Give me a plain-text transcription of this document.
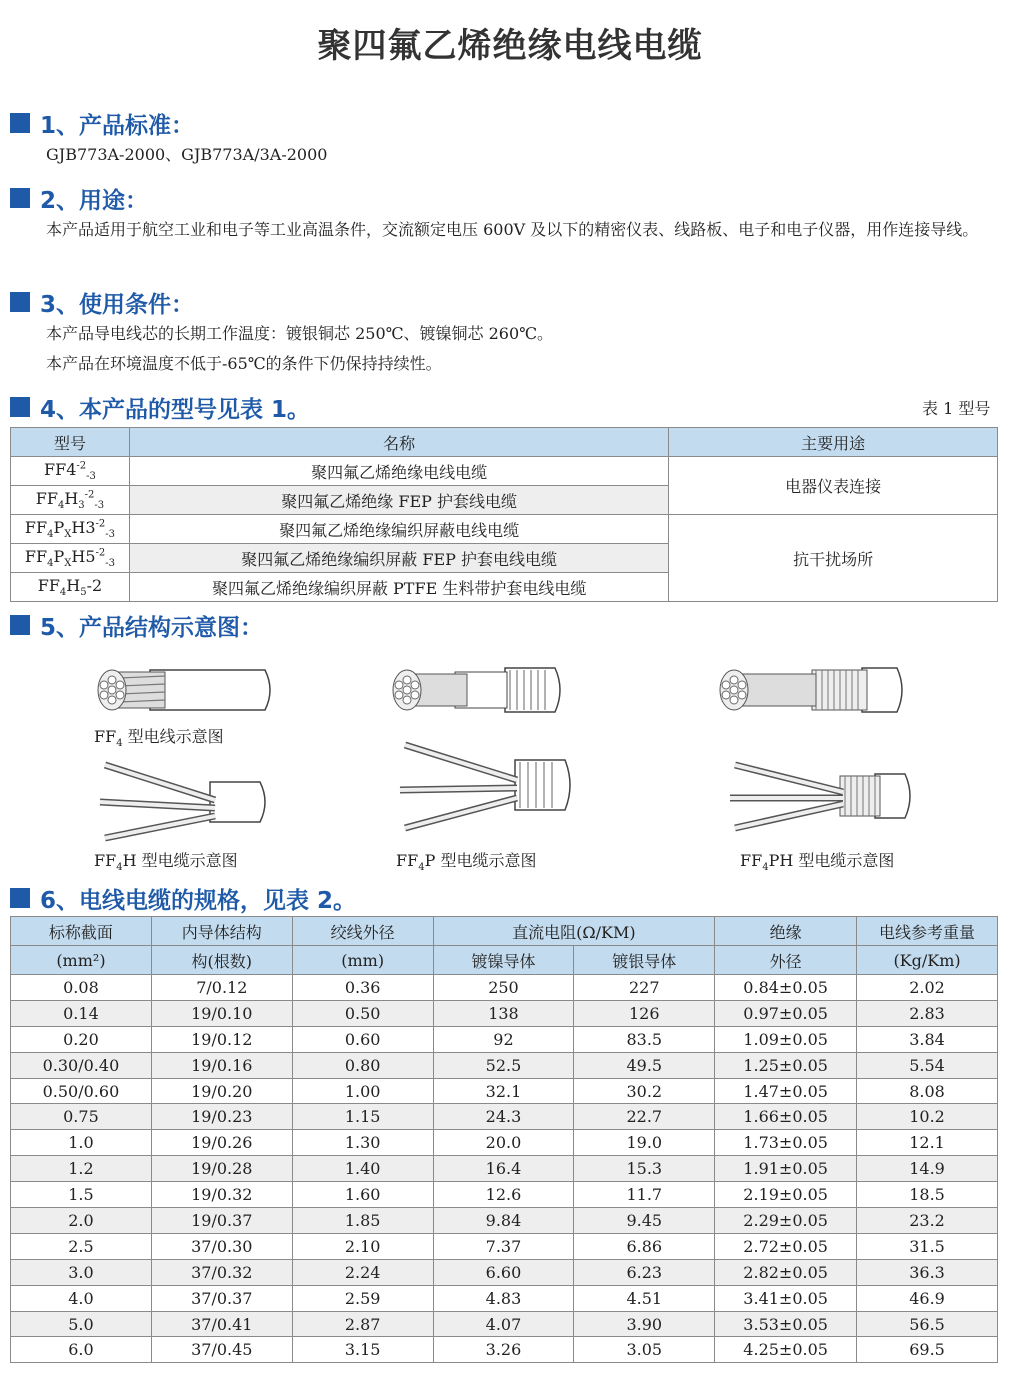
聚四氟乙烯绝缘电线电缆
1、产品标准：
GJB773A-2000、GJB773A/3A-2000
2、用途：
本产品适用于航空工业和电子等工业高温条件，交流额定电压 600V 及以下的精密仪表、线路板、电子和电子仪器，用作连接导线。
3、使用条件：
本产品导电线芯的长期工作温度：镀银铜芯 250℃、镀镍铜芯 260℃。
本产品在环境温度不低于-65℃的条件下仍保持持续性。
4、本产品的型号见表 1。	表 1 型号
型号	名称	主要用途
$FF4^{-2}_{-3}$	聚四氟乙烯绝缘电线电缆	电器仪表连接
$FF_4H_3^{-2}_{-3}$	聚四氟乙烯绝缘 FEP 护套线电缆	
$FF_4P_XH3^{-2}_{-3}$	聚四氟乙烯绝缘编织屏蔽电线电缆	抗干扰场所
$FF_4P_XH5^{-2}_{-3}$	聚四氟乙烯绝缘编织屏蔽 FEP 护套电线电缆	
$FF_4H_5-2$	聚四氟乙烯绝缘编织屏蔽 PTFE 生料带护套电线电缆	
5、产品结构示意图：
$FF_4$ 型电线示意图
$FF_4H$ 型电缆示意图	$FF_4P$ 型电缆示意图	$FF_4PH$ 型电缆示意图
6、电线电缆的规格，见表 2。
标称截面	内导体结构	绞线外径	直流电阻(Ω/KM)		绝缘	电线参考重量
(mm²)	构(根数)	(mm)	镀镍导体	镀银导体	外径	(Kg/Km)
0.08	7/0.12	0.36	250	227	0.84±0.05	2.02
0.14	19/0.10	0.50	138	126	0.97±0.05	2.83
0.20	19/0.12	0.60	92	83.5	1.09±0.05	3.84
0.30/0.40	19/0.16	0.80	52.5	49.5	1.25±0.05	5.54
0.50/0.60	19/0.20	1.00	32.1	30.2	1.47±0.05	8.08
0.75	19/0.23	1.15	24.3	22.7	1.66±0.05	10.2
1.0	19/0.26	1.30	20.0	19.0	1.73±0.05	12.1
1.2	19/0.28	1.40	16.4	15.3	1.91±0.05	14.9
1.5	19/0.32	1.60	12.6	11.7	2.19±0.05	18.5
2.0	19/0.37	1.85	9.84	9.45	2.29±0.05	23.2
2.5	37/0.30	2.10	7.37	6.86	2.72±0.05	31.5
3.0	37/0.32	2.24	6.60	6.23	2.82±0.05	36.3
4.0	37/0.37	2.59	4.83	4.51	3.41±0.05	46.9
5.0	37/0.41	2.87	4.07	3.90	3.53±0.05	56.5
6.0	37/0.45	3.15	3.26	3.05	4.25±0.05	69.5
